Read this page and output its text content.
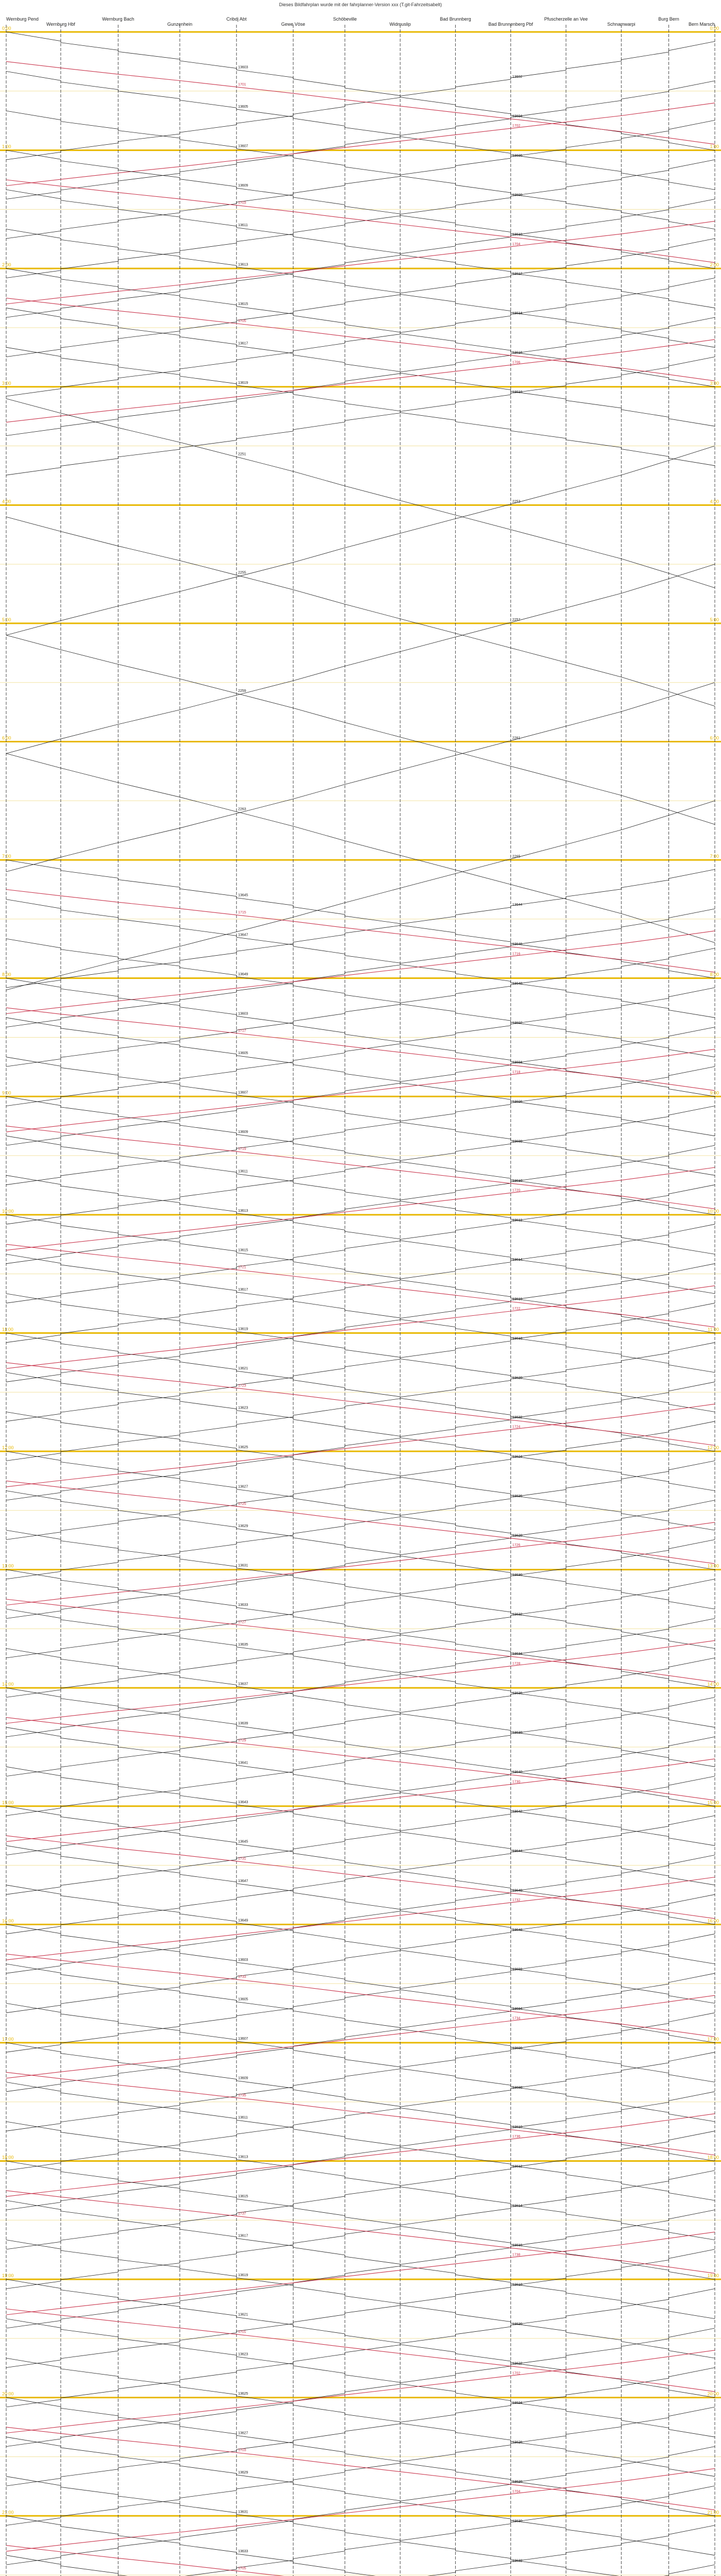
Dieses Bildfahrplan wurde mit der fahrplanner-Version xxx (T.git-Fahrzeitsabelt)
0:00	0:00
1:00	1:00
2:00	2:00
3:00	3:00
4:00	4:00
5:00	5:00
6:00	6:00
7:00	7:00
8:00	8:00
9:00	9:00
10:00	10:00
11:00	11:00
12:00	12:00
13:00	13:00
14:00	14:00
15:00	15:00
16:00	16:00
17:00	17:00
18:00	18:00
19:00	19:00
20:00	20:00
21:00	21:00
13603
13602
13605
13604
13607
13606
1701
1702
13609
13608
13611
13610
13613
13612
1703
1704
13615
13614
13617
13616
13619
13618
1705
1706
2251
2253
2255
2257
2259
2261
2263
2265
13645
13644
13647
13646
13649
13648
1715
1716
13603
13602
13605
13604
13607
13606
1717
1718
13609
13608
13611
13610
13613
13612
1719
1720
13615
13614
13617
13616
13619
13618
1721
1722
13621
13620
13623
13622
13625
13624
1723
1724
13627
13626
13629
13628
13631
13630
1725
1726
13633
13632
13635
13634
13637
13636
1727
1728
13639
13638
13641
13640
13643
13642
1729
1730
13645
13644
13647
13646
13649
13648
1731
1732
13603
13602
13605
13604
13607
13606
1733
1734
13609
13608
13611
13610
13613
13612
1735
1736
13615
13614
13617
13616
13619
13618
1737
1738
13621
13620
13623
13622
13625
13624
1701
1702
13627
13626
13629
13628
13631
13630
1703
1704
13633
13632
1705
Wernburg Pend
Wernburg Hbf
Wernburg Bach
Gunzenhein
Cribdj Abt
Gewe Vöse
Schöbeville
Widmuslip
Bad Brunnberg
Bad Brunnenberg Pbf
Pfuscherzelle an Vee
Schnamwarpi
Burg Bern
Bern Marsch
